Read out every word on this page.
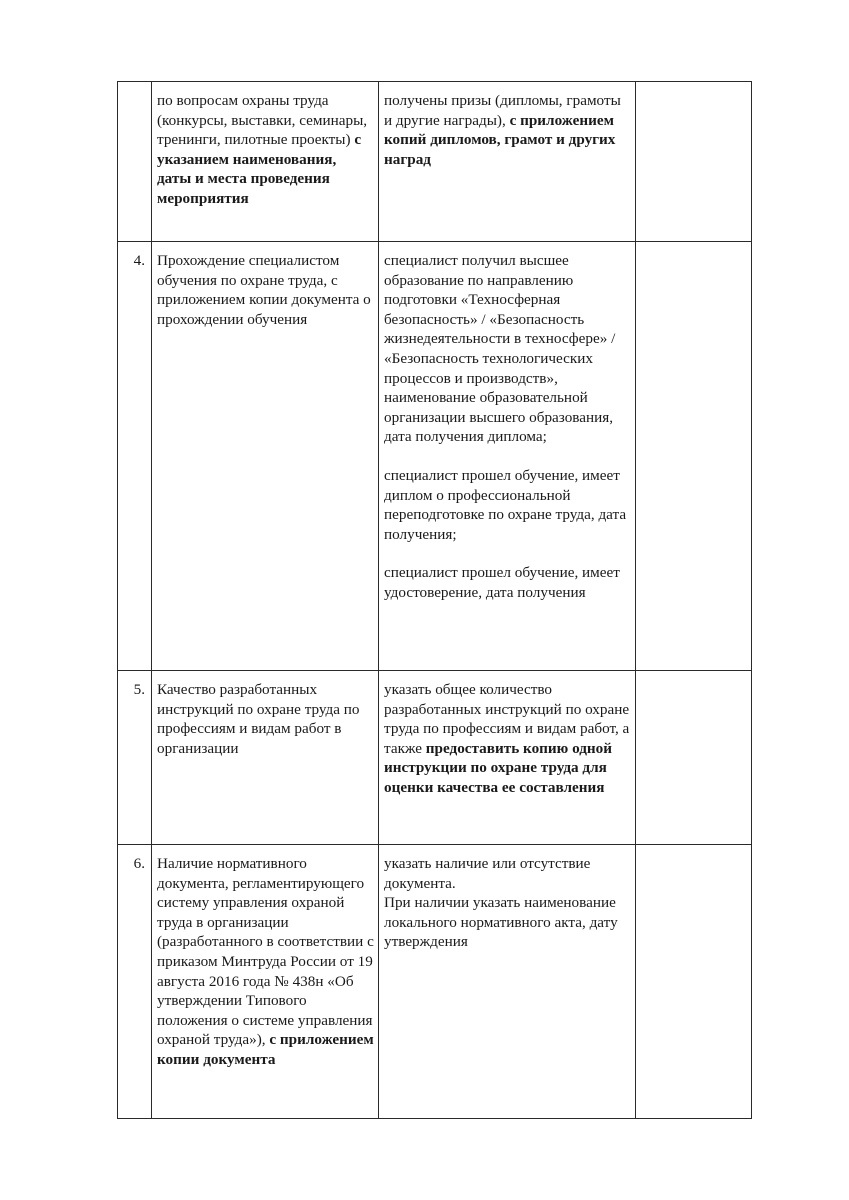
	по вопросам охраны труда (конкурсы, выставки, семинары, тренинги, пилотные проекты) с указанием наименования, даты и места проведения мероприятия	получены призы (дипломы, грамоты и другие награды), с приложением копий дипломов, грамот и других наград	
4.	Прохождение специалистом обучения по охране труда, с приложением копии документа о прохождении обучения	специалист получил высшее образование по направлению подготовки «Техносферная безопасность» / «Безопасность жизнедеятельности в техносфере» / «Безопасность технологических процессов и производств», наименование образовательной организации высшего образования, дата получения диплома;

специалист прошел обучение, имеет диплом о профессиональной переподготовке по охране труда, дата получения;

специалист прошел обучение, имеет удостоверение, дата получения	

5.	Качество разработанных инструкций по охране труда по профессиям и видам работ в организации	указать общее количество разработанных инструкций по охране труда по профессиям и видам работ, а также предоставить копию одной инструкции по охране труда для оценки качества ее составления	
6.	Наличие нормативного документа, регламентирующего систему управления охраной труда в организации (разработанного в соответствии с приказом Минтруда России от 19 августа 2016 года № 438н «Об утверждении Типового положения о системе управления охраной труда»), с приложением копии документа	указать наличие или отсутствие документа.

При наличии указать наименование локального нормативного акта, дату утверждения	
